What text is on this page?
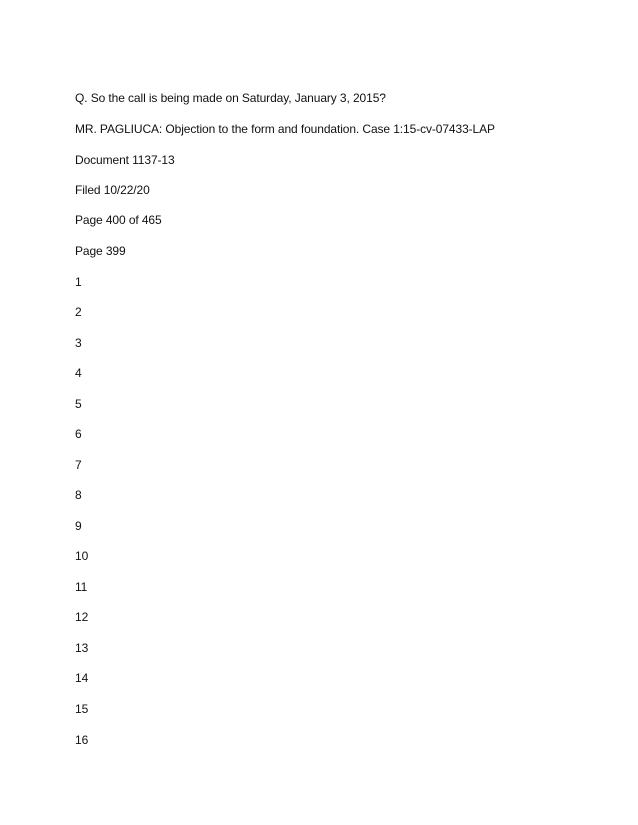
Q. So the call is being made on Saturday, January 3, 2015?
MR. PAGLIUCA: Objection to the form and foundation. Case 1:15-cv-07433-LAP
Document 1137-13
Filed 10/22/20
Page 400 of 465
Page 399
1
2
3
4
5
6
7
8
9
10
11
12
13
14
15
16
